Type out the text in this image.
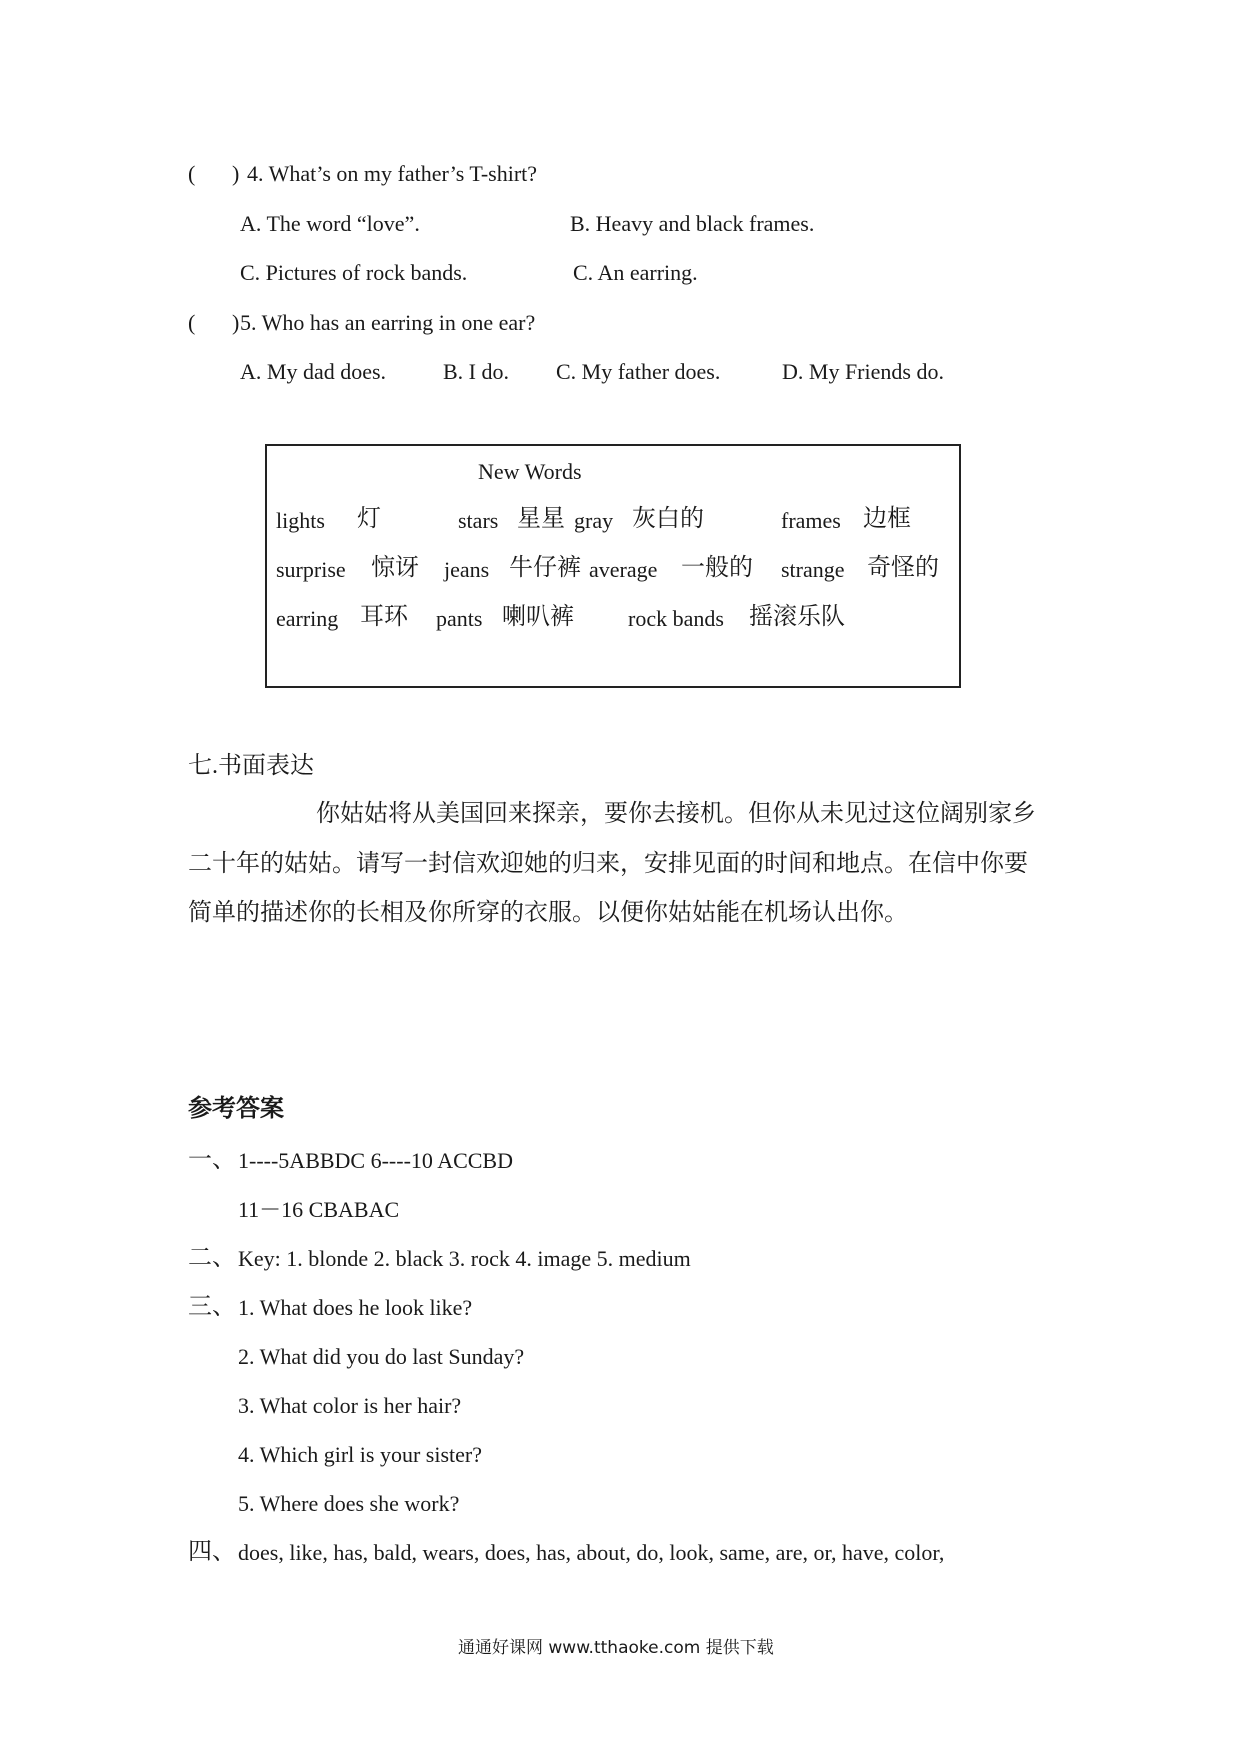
( ) 4. What’s on my father’s T-shirt?
A. The word “love”.	B. Heavy and black frames.
C. Pictures of rock bands.	C. An earring.
( ) 5. Who has an earring in one ear?
A. My dad does.	B. I do. C. My father does.	D. My Friends do.
New Words
lights 灯	stars 星星 gray 灰白的	frames 边框
surprise 惊讶 jeans 牛仔裤 average 一般的 strange 奇怪的
earring 耳环 pants 喇叭裤 rock bands 摇滚乐队
七.书面表达
你姑姑将从美国回来探亲，要你去接机。但你从未见过这位阔别家乡
二十年的姑姑。请写一封信欢迎她的归来，安排见面的时间和地点。在信中你要
简单的描述你的长相及你所穿的衣服。以便你姑姑能在机场认出你。
参考答案
一、 1----5ABBDC 6----10 ACCBD
11－16 CBABAC
二、 Key: 1. blonde 2. black 3. rock 4. image 5. medium
三、 1. What does he look like?
2. What did you do last Sunday?
3. What color is her hair?
4. Which girl is your sister?
5. Where does she work?
四、 does, like, has, bald, wears, does, has, about, do, look, same, are, or, have, color,
通通好课网 www.tthaoke.com 提供下载
